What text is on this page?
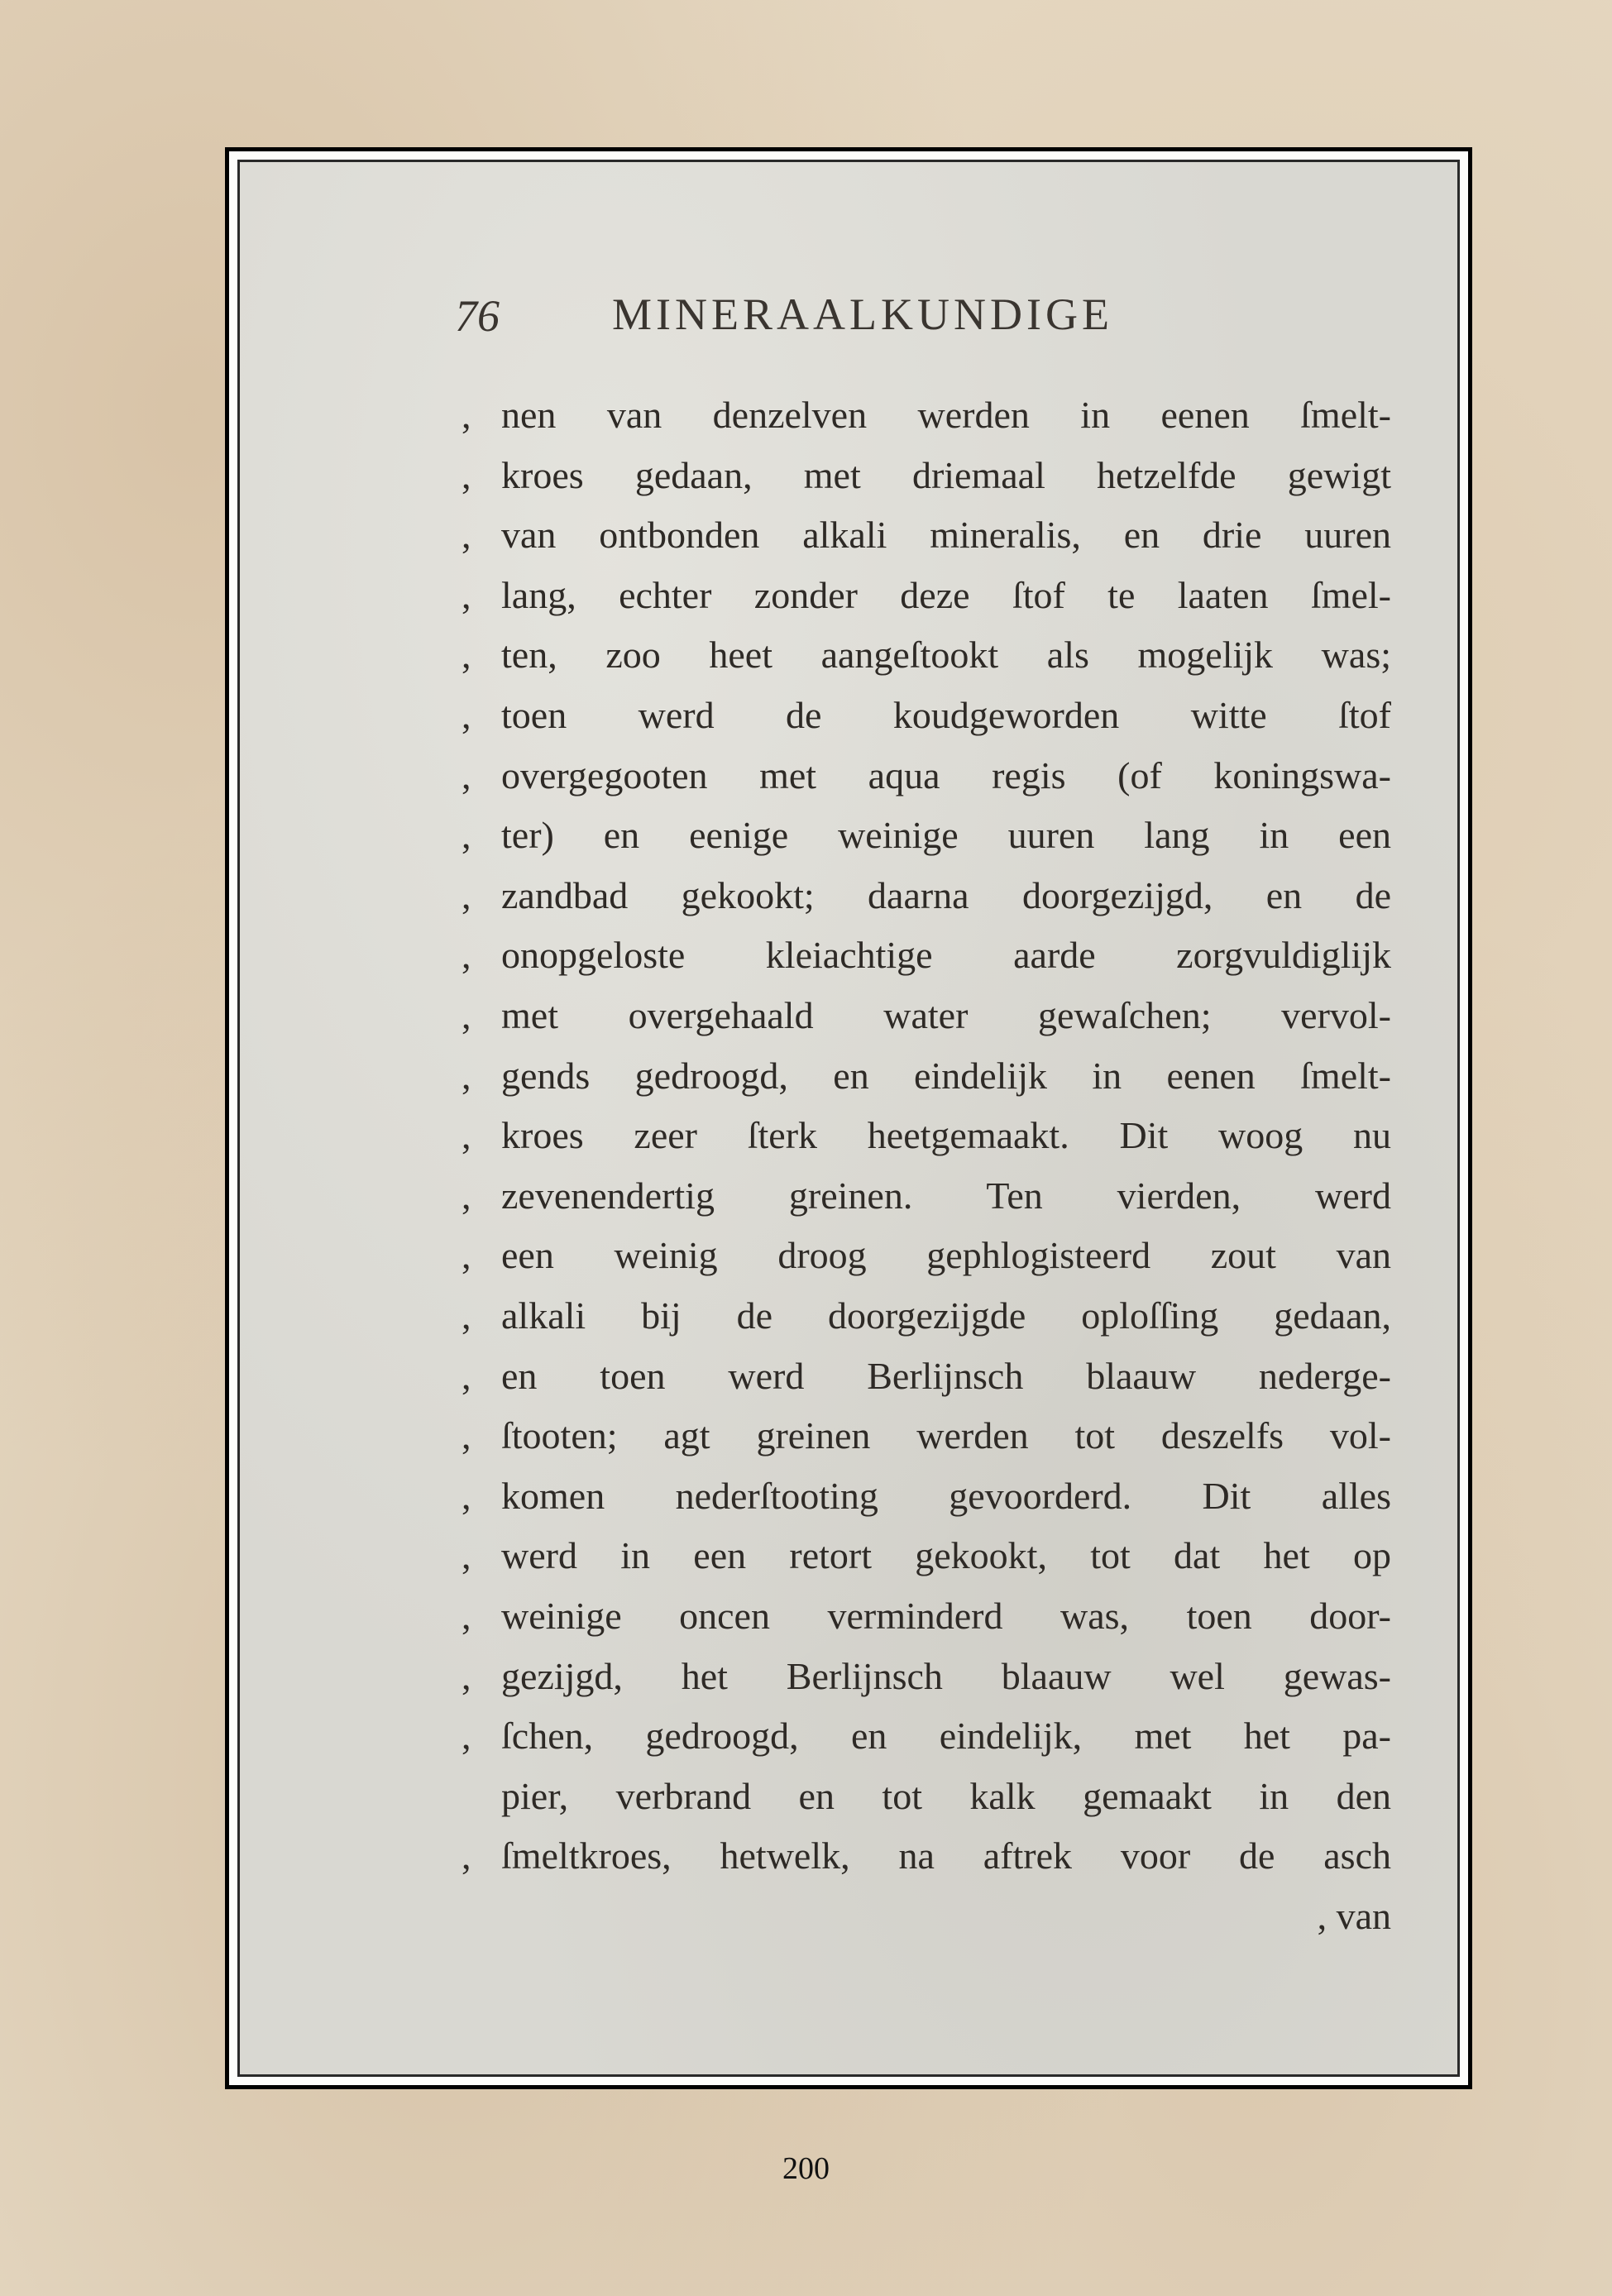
76	MINERAALKUNDIGE
, nen van denzelven werden in eenen ſmelt-
, kroes gedaan, met driemaal hetzelfde gewigt
, van ontbonden alkali mineralis, en drie uuren
, lang, echter zonder deze ſtof te laaten ſmel-
, ten, zoo heet aangeſtookt als mogelijk was;
, toen werd de koudgeworden witte ſtof
, overgegooten met aqua regis (of koningswa-
, ter) en eenige weinige uuren lang in een
, zandbad gekookt; daarna doorgezijgd, en de
, onopgeloste kleiachtige aarde zorgvuldiglijk
, met overgehaald water gewaſchen; vervol-
, gends gedroogd, en eindelijk in eenen ſmelt-
, kroes zeer ſterk heetgemaakt. Dit woog nu
, zevenendertig greinen. Ten vierden, werd
, een weinig droog gephlogisteerd zout van
, alkali bij de doorgezijgde oploſſing gedaan,
, en toen werd Berlijnsch blaauw nederge-
, ſtooten; agt greinen werden tot deszelfs vol-
, komen nederſtooting gevoorderd. Dit alles
, werd in een retort gekookt, tot dat het op
, weinige oncen verminderd was, toen door-
, gezijgd, het Berlijnsch blaauw wel gewas-
, ſchen, gedroogd, en eindelijk, met het pa-
pier, verbrand en tot kalk gemaakt in den
, ſmeltkroes, hetwelk, na aftrek voor de asch
, van
200
